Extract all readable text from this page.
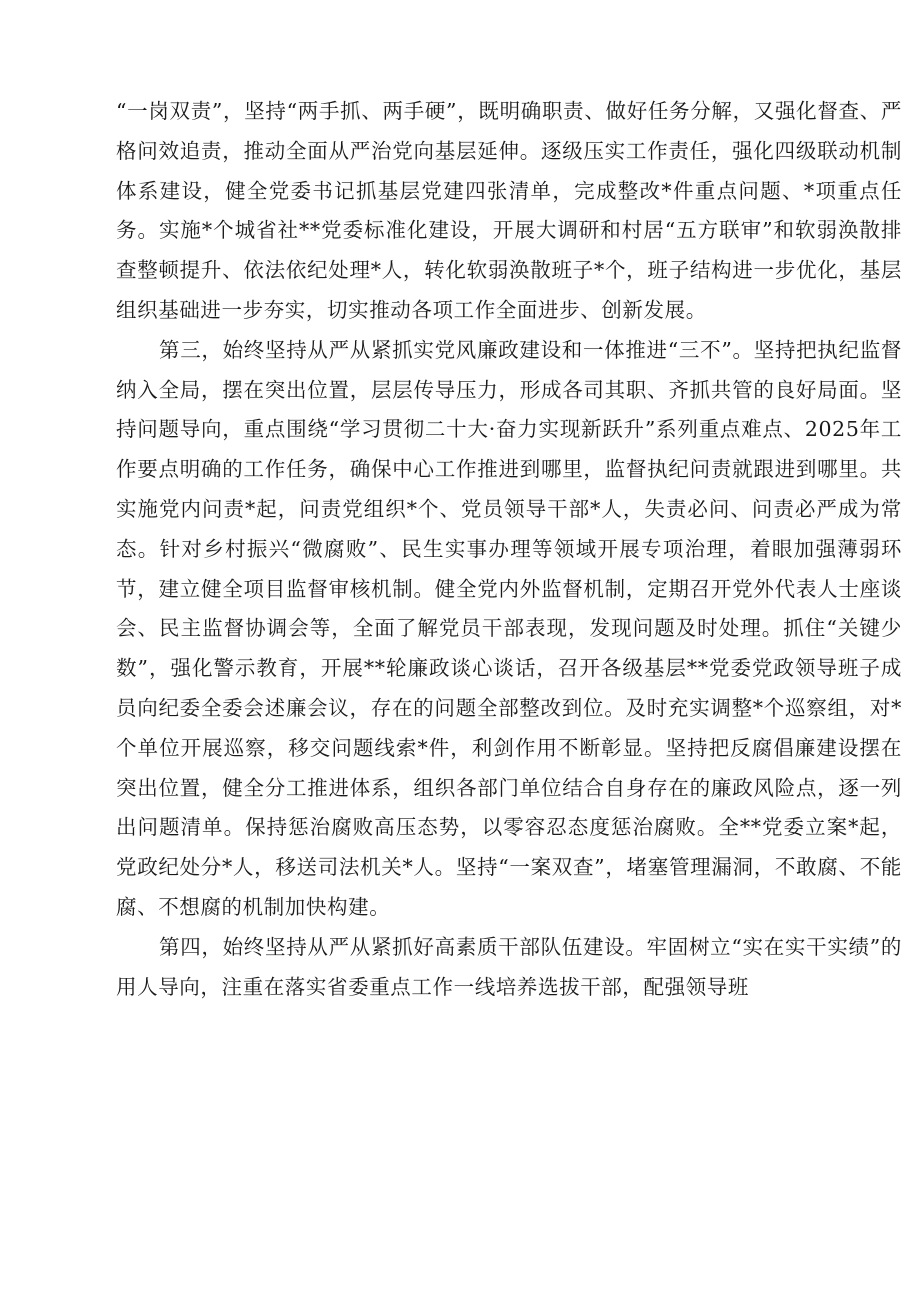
“一岗双责”，坚持“两手抓、两手硬”，既明确职责、做好任务分解，又强化督查、严格问效追责，推动全面从严治党向基层延伸。逐级压实工作责任，强化四级联动机制体系建设，健全党委书记抓基层党建四张清单，完成整改*件重点问题、*项重点任务。实施*个城省社**党委标准化建设，开展大调研和村居“五方联审”和软弱涣散排查整顿提升、依法依纪处理*人，转化软弱涣散班子*个，班子结构进一步优化，基层组织基础进一步夯实，切实推动各项工作全面进步、创新发展。

第三，始终坚持从严从紧抓实党风廉政建设和一体推进“三不”。坚持把执纪监督纳入全局，摆在突出位置，层层传导压力，形成各司其职、齐抓共管的良好局面。坚持问题导向，重点围绕“学习贯彻二十大·奋力实现新跃升”系列重点难点、2025年工作要点明确的工作任务，确保中心工作推进到哪里，监督执纪问责就跟进到哪里。共实施党内问责*起，问责党组织*个、党员领导干部*人，失责必问、问责必严成为常态。针对乡村振兴“微腐败”、民生实事办理等领域开展专项治理，着眼加强薄弱环节，建立健全项目监督审核机制。健全党内外监督机制，定期召开党外代表人士座谈会、民主监督协调会等，全面了解党员干部表现，发现问题及时处理。抓住“关键少数”，强化警示教育，开展**轮廉政谈心谈话，召开各级基层**党委党政领导班子成员向纪委全委会述廉会议，存在的问题全部整改到位。及时充实调整*个巡察组，对*个单位开展巡察，移交问题线索*件，利剑作用不断彰显。坚持把反腐倡廉建设摆在突出位置，健全分工推进体系，组织各部门单位结合自身存在的廉政风险点，逐一列出问题清单。保持惩治腐败高压态势，以零容忍态度惩治腐败。全**党委立案*起，党政纪处分*人，移送司法机关*人。坚持“一案双查”，堵塞管理漏洞，不敢腐、不能腐、不想腐的机制加快构建。

第四，始终坚持从严从紧抓好高素质干部队伍建设。牢固树立“实在实干实绩”的用人导向，注重在落实省委重点工作一线培养选拔干部，配强领导班
